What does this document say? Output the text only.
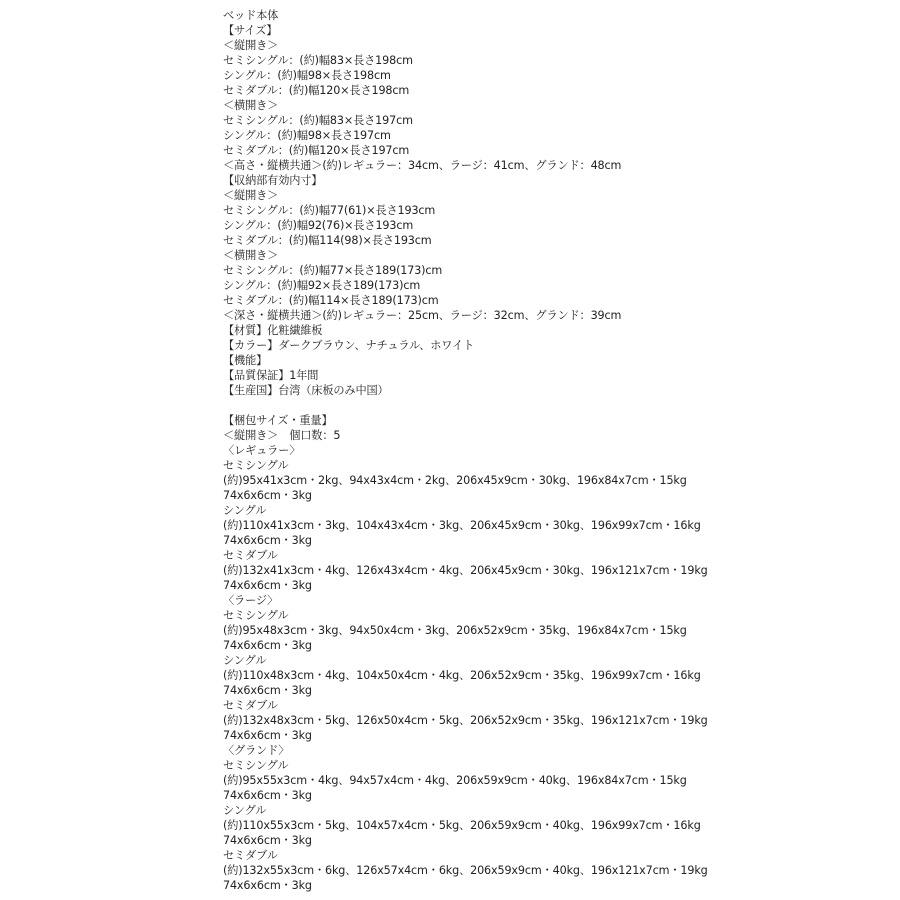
ベッド本体
【サイズ】
＜縦開き＞
セミシングル：(約)幅83×長さ198cm
シングル：(約)幅98×長さ198cm
セミダブル：(約)幅120×長さ198cm
＜横開き＞
セミシングル：(約)幅83×長さ197cm
シングル：(約)幅98×長さ197cm
セミダブル：(約)幅120×長さ197cm
＜高さ・縦横共通＞(約)レギュラー：34cm、ラージ：41cm、グランド：48cm
【収納部有効内寸】
＜縦開き＞
セミシングル：(約)幅77(61)×長さ193cm
シングル：(約)幅92(76)×長さ193cm
セミダブル：(約)幅114(98)×長さ193cm
＜横開き＞
セミシングル：(約)幅77×長さ189(173)cm
シングル：(約)幅92×長さ189(173)cm
セミダブル：(約)幅114×長さ189(173)cm
＜深さ・縦横共通＞(約)レギュラー：25cm、ラージ：32cm、グランド：39cm
【材質】化粧繊維板
【カラー】ダークブラウン、ナチュラル、ホワイト
【機能】
【品質保証】1年間
【生産国】台湾（床板のみ中国）
【梱包サイズ・重量】
＜縦開き＞　個口数：5
〈レギュラー〉
セミシングル
(約)95x41x3cm・2kg、94x43x4cm・2kg、206x45x9cm・30kg、196x84x7cm・15kg
74x6x6cm・3kg
シングル
(約)110x41x3cm・3kg、104x43x4cm・3kg、206x45x9cm・30kg、196x99x7cm・16kg
74x6x6cm・3kg
セミダブル
(約)132x41x3cm・4kg、126x43x4cm・4kg、206x45x9cm・30kg、196x121x7cm・19kg
74x6x6cm・3kg
〈ラージ〉
セミシングル
(約)95x48x3cm・3kg、94x50x4cm・3kg、206x52x9cm・35kg、196x84x7cm・15kg
74x6x6cm・3kg
シングル
(約)110x48x3cm・4kg、104x50x4cm・4kg、206x52x9cm・35kg、196x99x7cm・16kg
74x6x6cm・3kg
セミダブル
(約)132x48x3cm・5kg、126x50x4cm・5kg、206x52x9cm・35kg、196x121x7cm・19kg
74x6x6cm・3kg
〈グランド〉
セミシングル
(約)95x55x3cm・4kg、94x57x4cm・4kg、206x59x9cm・40kg、196x84x7cm・15kg
74x6x6cm・3kg
シングル
(約)110x55x3cm・5kg、104x57x4cm・5kg、206x59x9cm・40kg、196x99x7cm・16kg
74x6x6cm・3kg
セミダブル
(約)132x55x3cm・6kg、126x57x4cm・6kg、206x59x9cm・40kg、196x121x7cm・19kg
74x6x6cm・3kg
